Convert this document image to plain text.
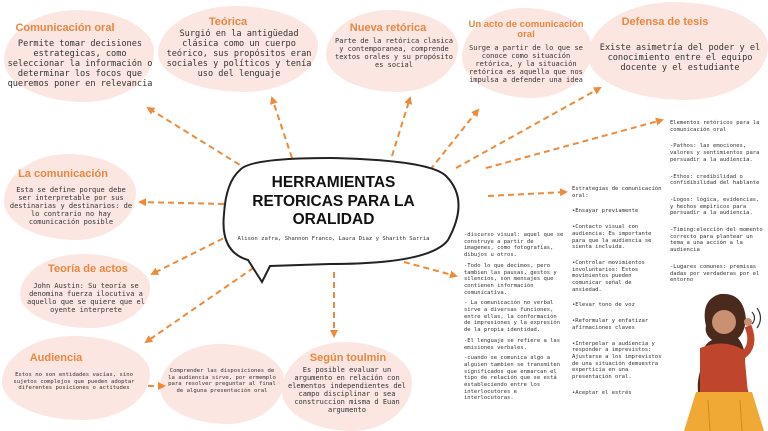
Comunicación oral
Permite tomar decisiones estrategicas, como seleccionar la información o determinar los focos que queremos poner en relevancia
Teórica
Surgió en la antigüedad clásica como un cuerpo teórico, sus propósitos eran sociales y políticos y tenía uso del lenguaje
Nueva retórica
Parte de la retórica clasica y contemporanea, comprende textos orales y su propósito es social
Un acto de comunicación oral
Surge a partir de lo que se conoce como situación retórica, y la situación retórica es aquella que nos impulsa a defender una idea
Defensa de tesis
Existe asimetría del poder y el conocimiento entre el equipo docente y el estudiante
La comunicación
Esta se define porque debe ser interpretable por sus destinarias y destinarios: de lo contrario no hay comunicación posible
Teoría de actos
John Austin: Su teoría se denomina fuerza ilocutiva a aquello que se quiere que el oyente interprete
Audiencia
Estos no son entidades vacías, sino sujetos complejos que pueden adoptar diferentes posiciones o actitudes
Comprender las disposiciones de la audiencia sirve, por ermemplo para resolver preguntar al final de alguna presentación oral
Según toulmin
Es posible evaluar un argumento en relación con elementos independientes del campo disciplinar o sea construccion misma d Euan argumento
HERRAMIENTAS RETORICAS PARA LA ORALIDAD
Alison zafra, Shannon Franco, Laura Diaz y Sharith Sarria

-discurso visual: aquel que se construye a partir de imagenes, como fotografías, dibujos u otros.

-Todo lo que decimos, pero tambien las pausas, gestos y silencios, son mensajes que contienen información comunicativa.

- La comunicación no verbal sirve a diversas funciones, entre ellas, la conformación de impresiones y la expresión de la propia identidad.

-El lenguaje se refiere a las emisiones verbales.

-cuando se comunica algo a alguien tambien se transmiten significados que enmarcan el tipo de relación que se está estableciendo entre los interlocutores e interlocutoras.

Estrategias de comunicación oral:

•Ensayar previamente

•Contacto visual con audiencia: Es importante para que la audiencia se sienta incluida.

•Controlar movimientos involuntarios: Estos movimientos pueden comunicar señal de ansiedad.

•Elevar tono de voz

•Reformular y enfatizar afirmaciones claves

•Interpelar a audiencia y responder a imprevistos: Ajustarse a los imprevistos de una situación demuestra experticia en una presentación oral.

•Aceptar el estrés

Elementos retóricos para la comunicación oral

-Pathos: las emociones, valores y sentimientos para persuadir a la audiencia.

-Ethos: credibilidad o confidibilidad del hablante

-Logos: lógica, evidencias, y hechos empíricos para persuadir a la audiencia.

-Timing:elección del momento correcto para plantear un tema a una acción a la audiencia

-Lugares comunes: premisas dadas por verdaderas por el entorno
